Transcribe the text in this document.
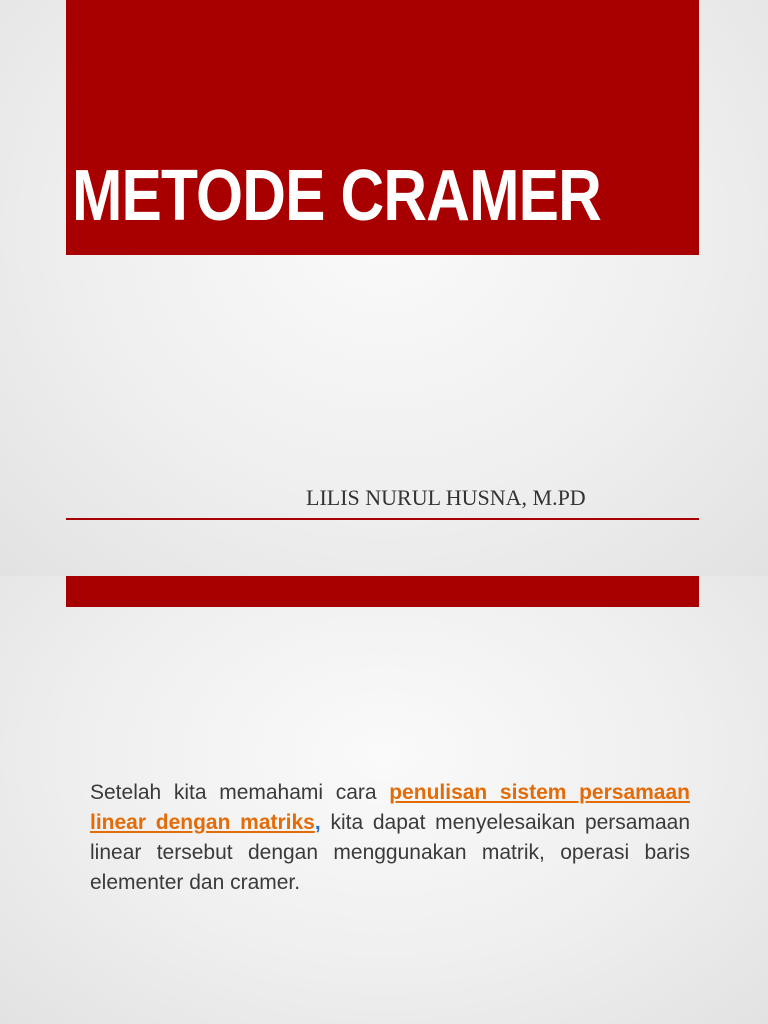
METODE CRAMER

LILIS NURUL HUSNA, M.PD

Setelah kita memahami cara penulisan sistem persamaan linear dengan matriks, kita dapat menyelesaikan persamaan linear tersebut dengan menggunakan matrik, operasi baris elementer dan cramer.
